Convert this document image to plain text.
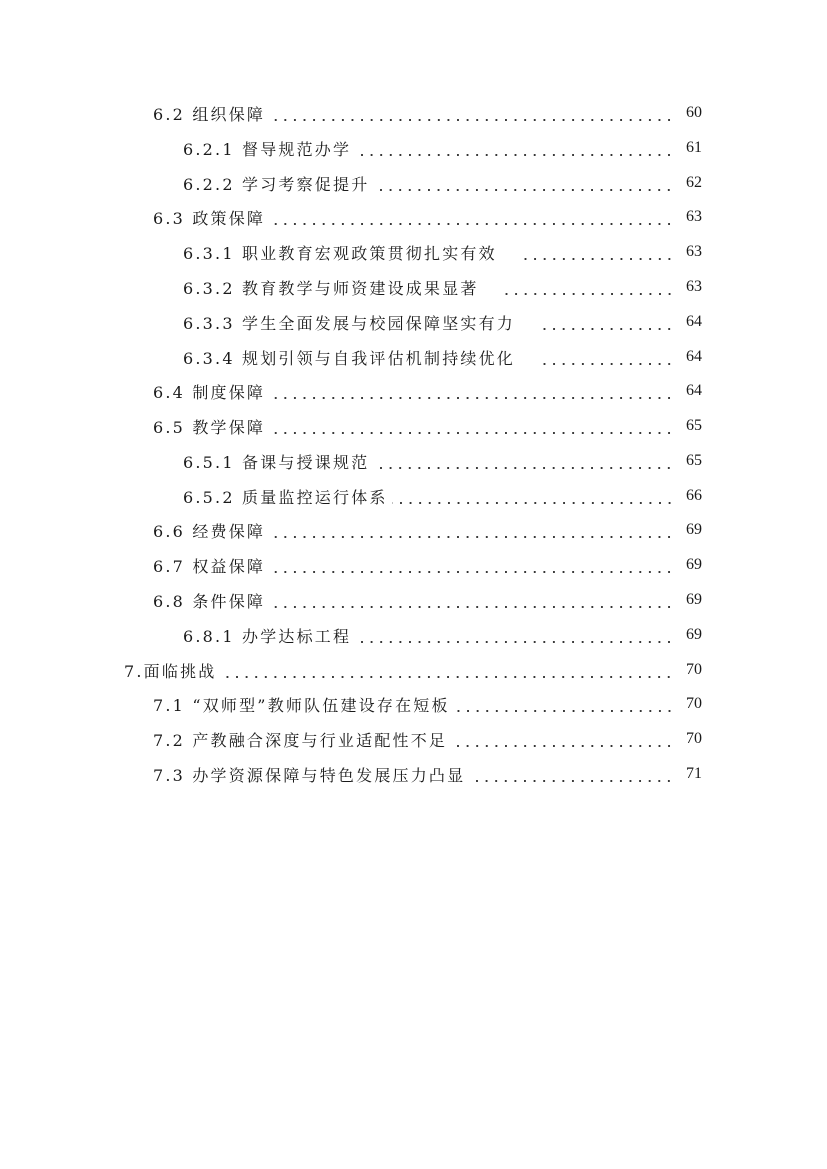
6.2 组织保障	60
6.2.1 督导规范办学	61
6.2.2 学习考察促提升	62
6.3 政策保障	63
6.3.1 职业教育宏观政策贯彻扎实有效	63
6.3.2 教育教学与师资建设成果显著	63
6.3.3 学生全面发展与校园保障坚实有力	64
6.3.4 规划引领与自我评估机制持续优化	64
6.4 制度保障	64
6.5 教学保障	65
6.5.1 备课与授课规范	65
6.5.2 质量监控运行体系	66
6.6 经费保障	69
6.7 权益保障	69
6.8 条件保障	69
6.8.1 办学达标工程	69
7.面临挑战	70
7.1 “双师型”教师队伍建设存在短板	70
7.2 产教融合深度与行业适配性不足	70
7.3 办学资源保障与特色发展压力凸显	71
